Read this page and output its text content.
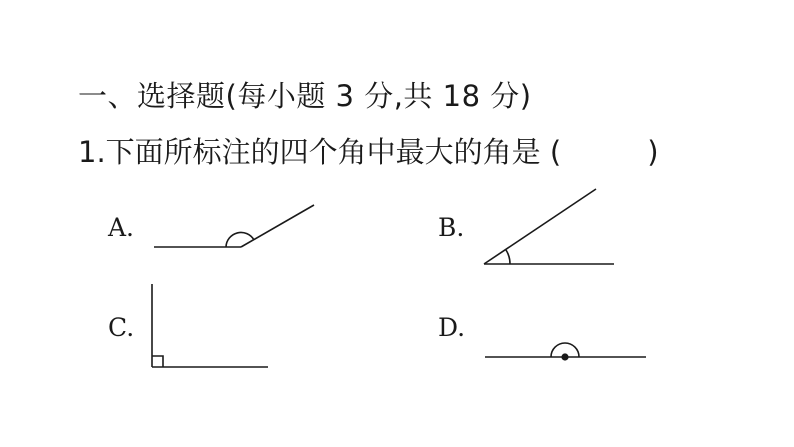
一、选择题(每小题 3 分,共 18 分)
1.下面所标注的四个角中最大的角是 (	)
A.	B.
C.	D.
